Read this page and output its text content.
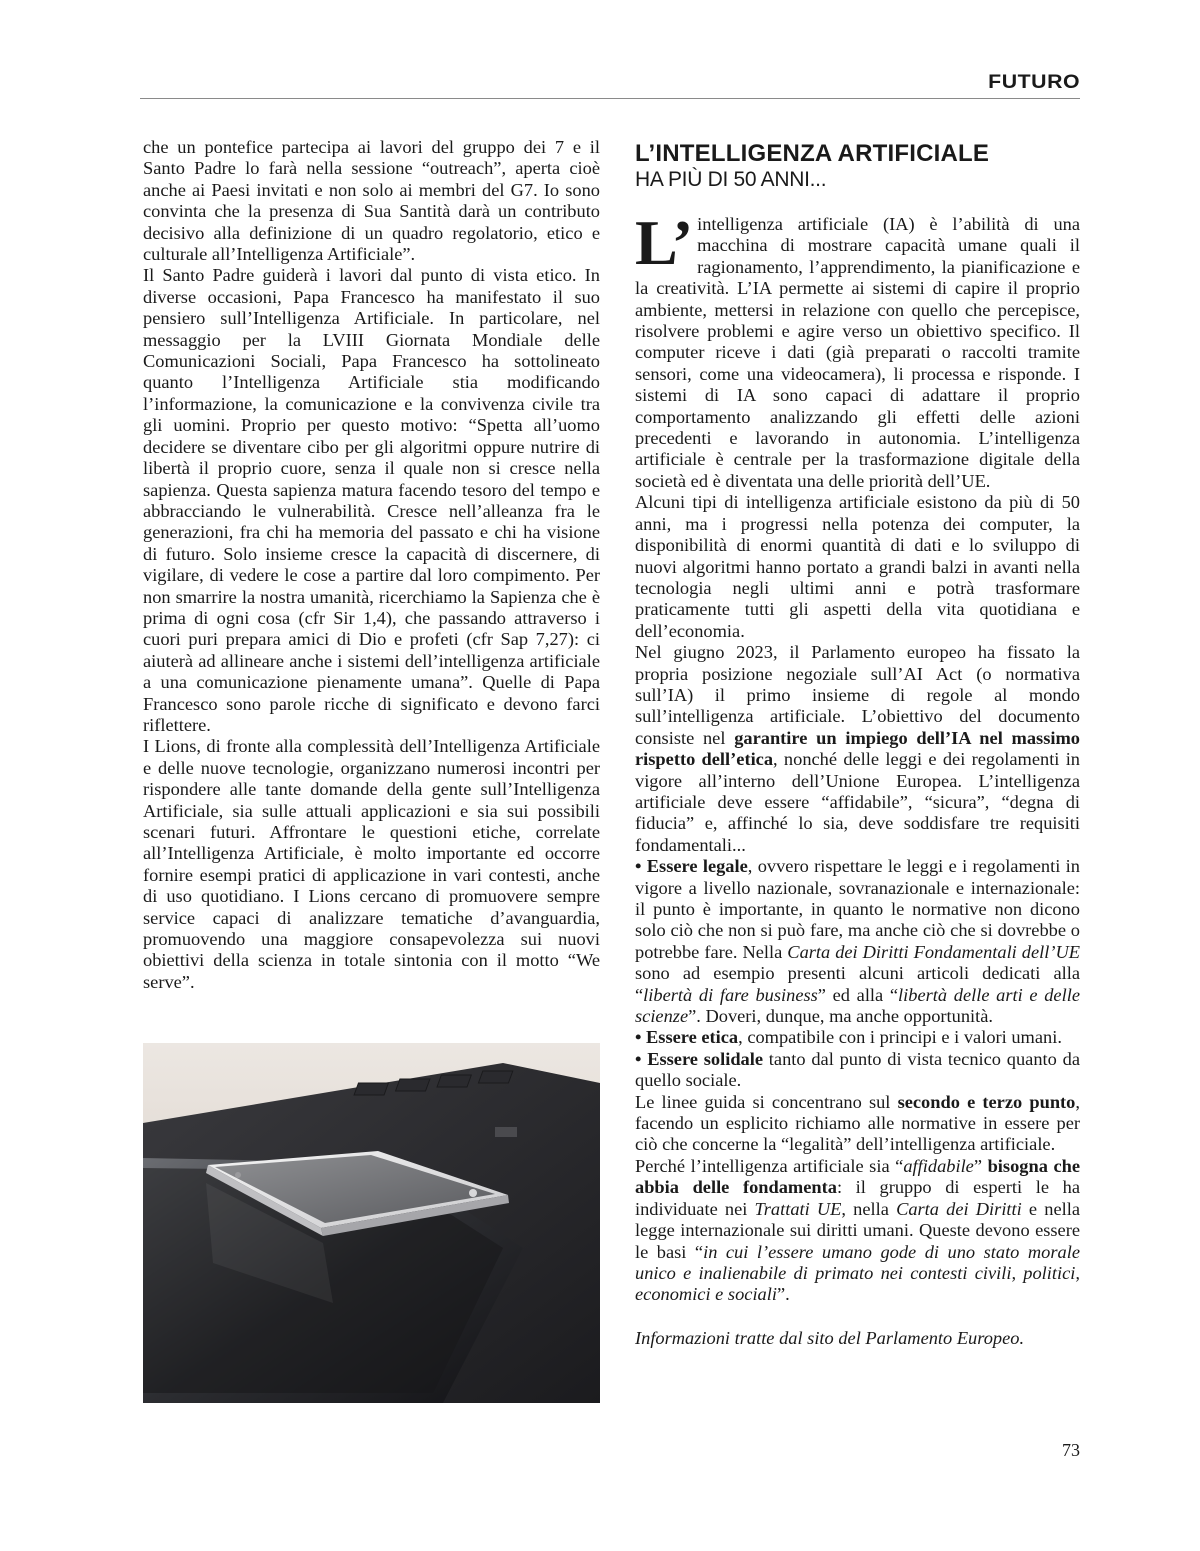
FUTURO

che un pontefice partecipa ai lavori del gruppo dei 7 e il Santo Padre lo farà nella sessione “outreach”, aperta cioè anche ai Paesi invitati e non solo ai membri del G7. Io sono convinta che la presenza di Sua Santità darà un contributo decisivo alla definizione di un quadro regolatorio, etico e culturale all’Intelligenza Artificiale”.

Il Santo Padre guiderà i lavori dal punto di vista etico. In diverse occasioni, Papa Francesco ha manifestato il suo pensiero sull’Intelligenza Artificiale. In particolare, nel messaggio per la LVIII Giornata Mondiale delle Comunicazioni Sociali, Papa Francesco ha sottolineato quanto l’Intelligenza Artificiale stia modificando l’informazione, la comunicazione e la convivenza civile tra gli uomini. Proprio per questo motivo: “Spetta all’uomo decidere se diventare cibo per gli algoritmi oppure nutrire di libertà il proprio cuore, senza il quale non si cresce nella sapienza. Questa sapienza matura facendo tesoro del tempo e abbracciando le vulnerabilità. Cresce nell’alleanza fra le generazioni, fra chi ha memoria del passato e chi ha visione di futuro. Solo insieme cresce la capacità di discernere, di vigilare, di vedere le cose a partire dal loro compimento. Per non smarrire la nostra umanità, ricerchiamo la Sapienza che è prima di ogni cosa (cfr Sir 1,4), che passando attraverso i cuori puri prepara amici di Dio e profeti (cfr Sap 7,27): ci aiuterà ad allineare anche i sistemi dell’intelligenza artificiale a una comunicazione pienamente umana”. Quelle di Papa Francesco sono parole ricche di significato e devono farci riflettere.

I Lions, di fronte alla complessità dell’Intelligenza Artificiale e delle nuove tecnologie, organizzano numerosi incontri per rispondere alle tante domande della gente sull’Intelligenza Artificiale, sia sulle attuali applicazioni e sia sui possibili scenari futuri. Affrontare le questioni etiche, correlate all’Intelligenza Artificiale, è molto importante ed occorre fornire esempi pratici di applicazione in vari contesti, anche di uso quotidiano. I Lions cercano di promuovere sempre service capaci di analizzare tematiche d’avanguardia, promuovendo una maggiore consapevolezza sui nuovi obiettivi della scienza in totale sintonia con il motto “We serve”.

L’INTELLIGENZA ARTIFICIALE
HA PIÙ DI 50 ANNI...

L’ intelligenza artificiale (IA) è l’abilità di una macchina di mostrare capacità umane quali il ragionamento, l’apprendimento, la pianificazione e la creatività. L’IA permette ai sistemi di capire il proprio ambiente, mettersi in relazione con quello che percepisce, risolvere problemi e agire verso un obiettivo specifico. Il computer riceve i dati (già preparati o raccolti tramite sensori, come una videocamera), li processa e risponde. I sistemi di IA sono capaci di adattare il proprio comportamento analizzando gli effetti delle azioni precedenti e lavorando in autonomia. L’intelligenza artificiale è centrale per la trasformazione digitale della società ed è diventata una delle priorità dell’UE.

Alcuni tipi di intelligenza artificiale esistono da più di 50 anni, ma i progressi nella potenza dei computer, la disponibilità di enormi quantità di dati e lo sviluppo di nuovi algoritmi hanno portato a grandi balzi in avanti nella tecnologia negli ultimi anni e potrà trasformare praticamente tutti gli aspetti della vita quotidiana e dell’economia.

Nel giugno 2023, il Parlamento europeo ha fissato la propria posizione negoziale sull’AI Act (o normativa sull’IA) il primo insieme di regole al mondo sull’intelligenza artificiale. L’obiettivo del documento consiste nel garantire un impiego dell’IA nel massimo rispetto dell’etica, nonché delle leggi e dei regolamenti in vigore all’interno dell’Unione Europea. L’intelligenza artificiale deve essere “affidabile”, “sicura”, “degna di fiducia” e, affinché lo sia, deve soddisfare tre requisiti fondamentali...

• Essere legale, ovvero rispettare le leggi e i regolamenti in vigore a livello nazionale, sovranazionale e internazionale: il punto è importante, in quanto le normative non dicono solo ciò che non si può fare, ma anche ciò che si dovrebbe o potrebbe fare. Nella Carta dei Diritti Fondamentali dell’UE sono ad esempio presenti alcuni articoli dedicati alla “libertà di fare business” ed alla “libertà delle arti e delle scienze”. Doveri, dunque, ma anche opportunità.

• Essere etica, compatibile con i principi e i valori umani.

• Essere solidale tanto dal punto di vista tecnico quanto da quello sociale.

Le linee guida si concentrano sul secondo e terzo punto, facendo un esplicito richiamo alle normative in essere per ciò che concerne la “legalità” dell’intelligenza artificiale.

Perché l’intelligenza artificiale sia “affidabile” bisogna che abbia delle fondamenta: il gruppo di esperti le ha individuate nei Trattati UE, nella Carta dei Diritti e nella legge internazionale sui diritti umani. Queste devono essere le basi “in cui l’essere umano gode di uno stato morale unico e inalienabile di primato nei contesti civili, politici, economici e sociali”.

Informazioni tratte dal sito del Parlamento Europeo.

73
